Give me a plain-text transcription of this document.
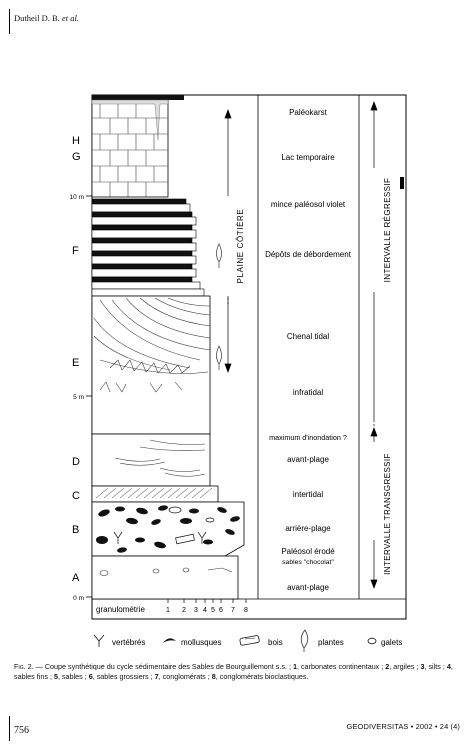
Dutheil D. B. et al.
10 m
5 m
0 m
H
G
F
E
D
C
B
A
Paléokarst
Lac temporaire
mince paléosol violet
Dépôts de débordement
Chenal tidal
infratidal
maximum d'inondation ?
avant-plage
intertidal
arrière-plage
Paléosol érodé
sables "chocolat"
avant-plage
PLAINE CÔTIÈRE	INTERVALLE RÉGRESSIF
INTERVALLE TRANSGRESSIF
granulométrie	1 2 3 4 5 6 7 8
vertébrés	mollusques	bois	plantes	galets
Fig. 2. — Coupe synthétique du cycle sédimentaire des Sables de Bourguillemont s.s. ; 1, carbonates continentaux ; 2, argiles ; 3, silts ; 4, sables fins ; 5, sables ; 6, sables grossiers ; 7, conglomérats ; 8, conglomérats bioclastiques.
756	GEODIVERSITAS • 2002 • 24 (4)
